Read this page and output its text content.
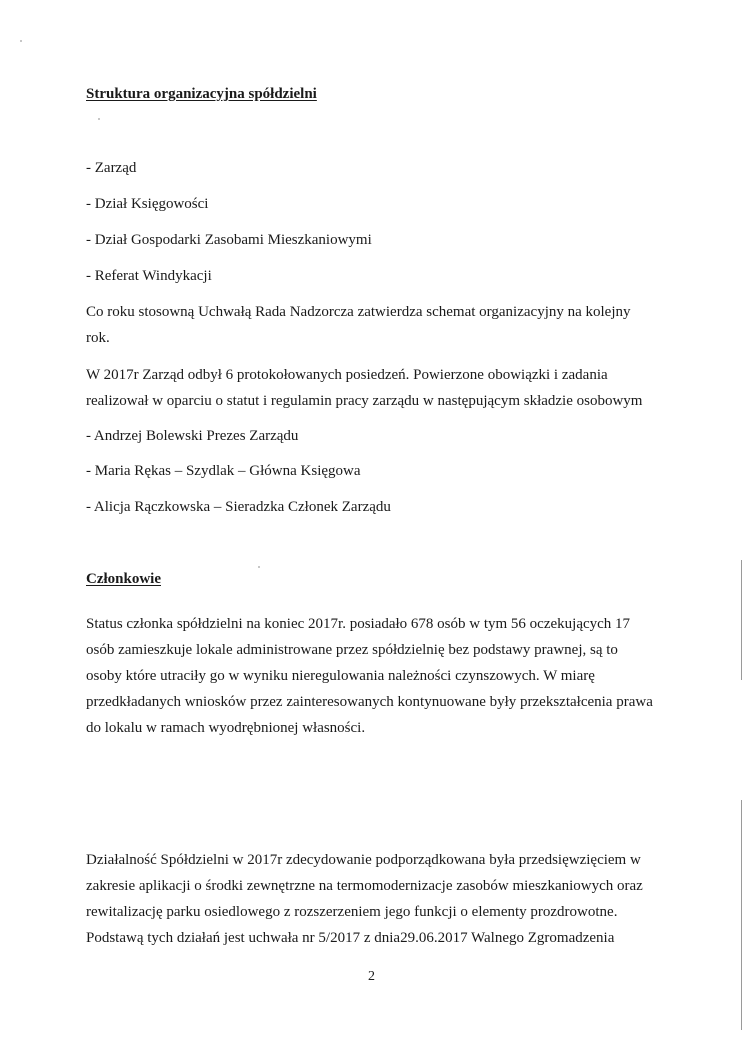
Struktura organizacyjna spółdzielni
- Zarząd
- Dział Księgowości
- Dział Gospodarki Zasobami Mieszkaniowymi
- Referat Windykacji
Co roku stosowną Uchwałą Rada Nadzorcza zatwierdza schemat organizacyjny na kolejny
rok.
W 2017r Zarząd odbył 6 protokołowanych posiedzeń. Powierzone obowiązki i zadania
realizował w oparciu o statut i regulamin pracy zarządu w następującym składzie osobowym
- Andrzej Bolewski Prezes Zarządu
- Maria Rękas – Szydlak – Główna Księgowa
- Alicja Rączkowska – Sieradzka Członek Zarządu
Członkowie
Status członka spółdzielni na koniec 2017r. posiadało 678 osób w tym 56 oczekujących 17
osób zamieszkuje lokale administrowane przez spółdzielnię bez podstawy prawnej, są to
osoby które utraciły go w wyniku nieregulowania należności czynszowych. W miarę
przedkładanych wniosków przez zainteresowanych kontynuowane były przekształcenia prawa
do lokalu w ramach wyodrębnionej własności.
Działalność Spółdzielni w 2017r zdecydowanie podporządkowana była przedsięwzięciem w
zakresie aplikacji o środki zewnętrzne na termomodernizacje zasobów mieszkaniowych oraz
rewitalizację parku osiedlowego z rozszerzeniem jego funkcji o elementy prozdrowotne.
Podstawą tych działań jest uchwała nr 5/2017 z dnia29.06.2017 Walnego Zgromadzenia
2
